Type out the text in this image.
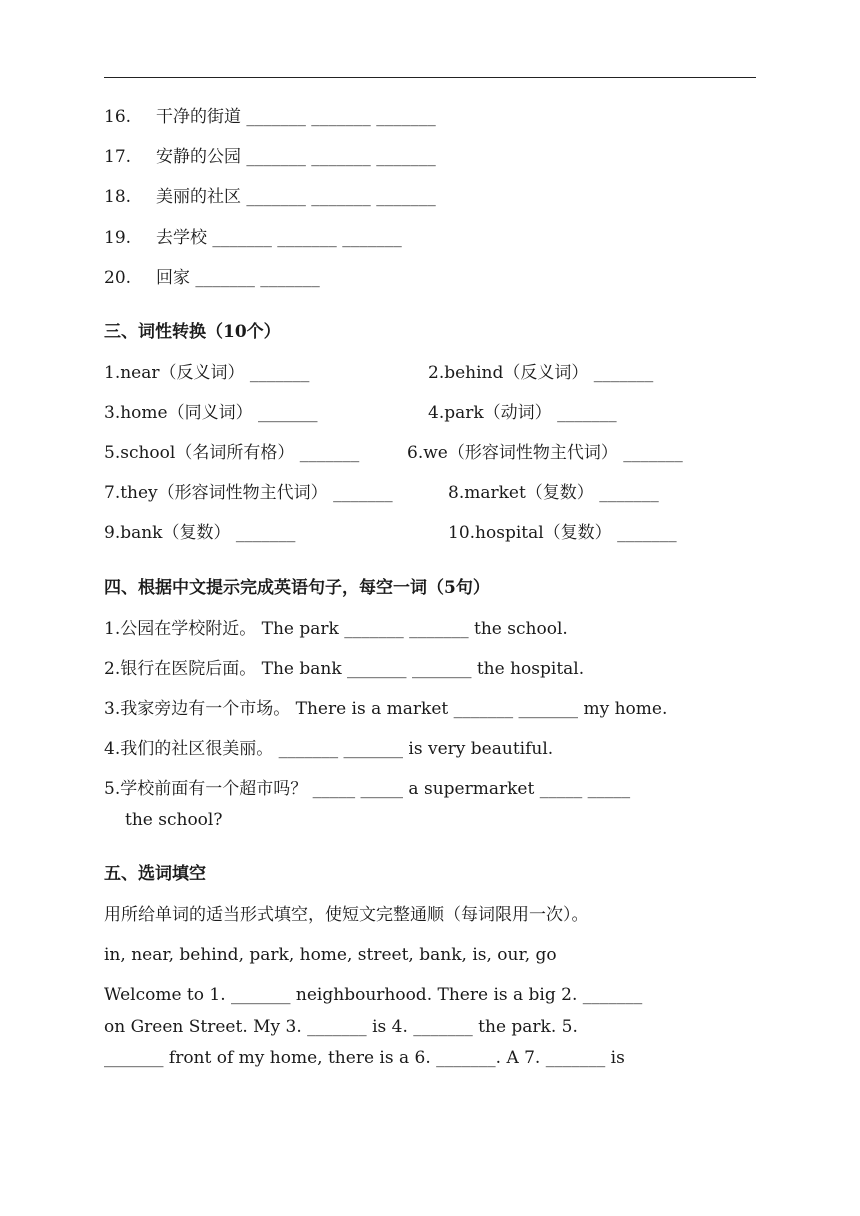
16. 干净的街道 _______ _______ _______
17. 安静的公园 _______ _______ _______
18. 美丽的社区 _______ _______ _______
19. 去学校 _______ _______ _______
20. 回家 _______ _______
三、词性转换（10个）
1.near（反义词） _______	2.behind（反义词） _______
3.home（同义词） _______	4.park（动词） _______
5.school（名词所有格） _______	6.we（形容词性物主代词） _______
7.they（形容词性物主代词） _______	8.market（复数） _______
9.bank（复数） _______	10.hospital（复数） _______
四、根据中文提示完成英语句子，每空一词（5句）
1.公园在学校附近。 The park _______ _______ the school.
2.银行在医院后面。 The bank _______ _______ the hospital.
3.我家旁边有一个市场。 There is a market _______ _______ my home.
4.我们的社区很美丽。 _______ _______ is very beautiful.
5.学校前面有一个超市吗？ _____ _____ a supermarket _____ _____
the school?
五、选词填空
用所给单词的适当形式填空，使短文完整通顺（每词限用一次）。
in, near, behind, park, home, street, bank, is, our, go
Welcome to 1. _______ neighbourhood. There is a big 2. _______
on Green Street. My 3. _______ is 4. _______ the park. 5.
_______ front of my home, there is a 6. _______. A 7. _______ is
